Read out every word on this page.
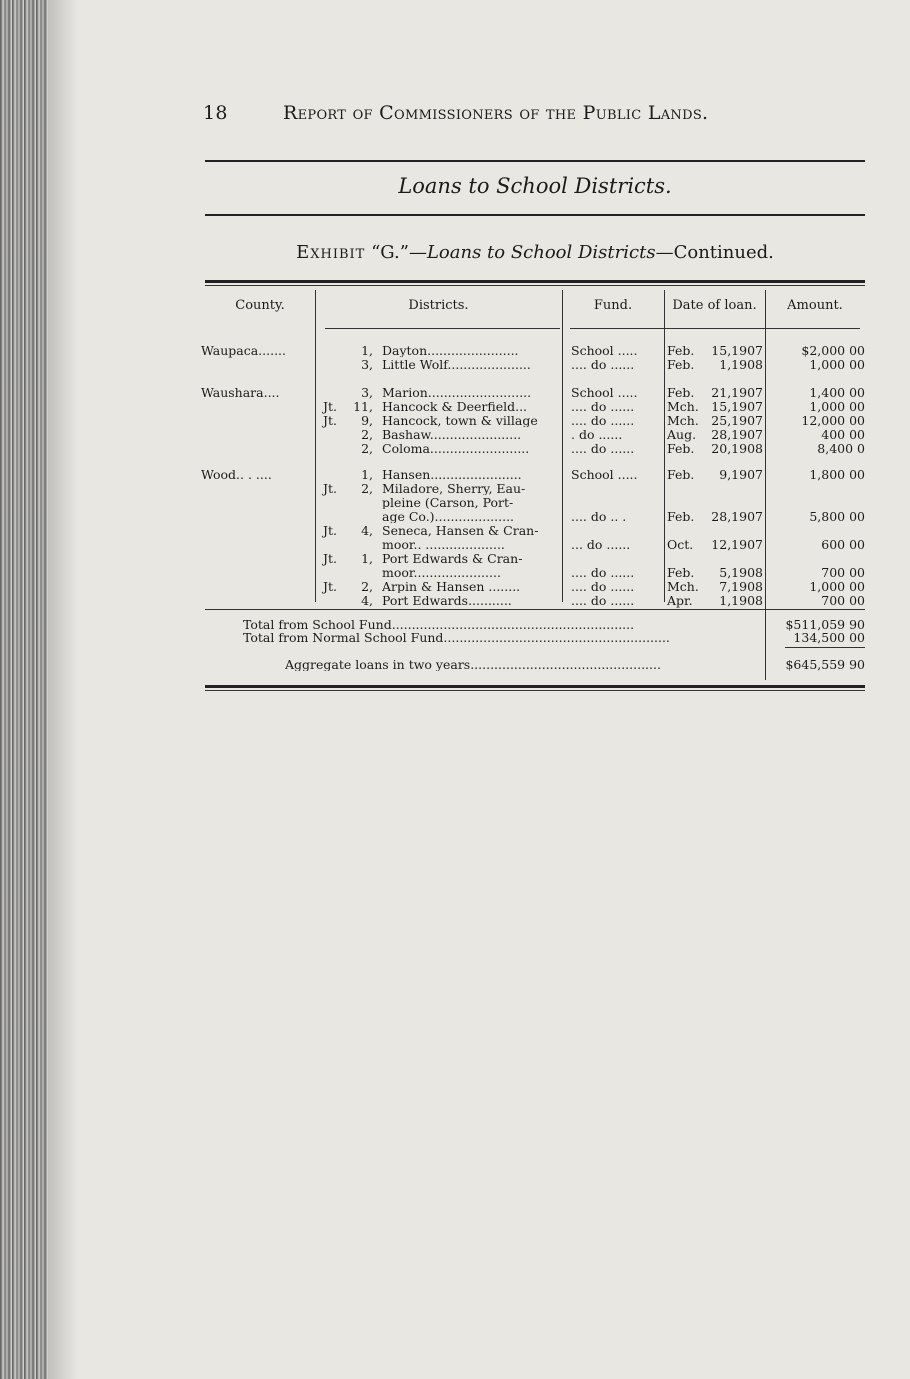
18	Report of Commissioners of the Public Lands.
Loans to School Districts.
Exhibit “G.”—Loans to School Districts—Continued.
County.	Districts.	Fund.	Date of loan.	Amount.
Waupaca.......	1, Dayton.......................	School .....	Feb.	15,1907	$2,000 00
3, Little Wolf.....................	.... do ......	Feb.	1,1908	1,000 00
Waushara....	3, Marion..........................	School .....	Feb.	21,1907	1,400 00
Jt.	11, Hancock & Deerfield...	.... do ......	Mch. 15,1907	1,000 00
Jt.	9, Hancock, town & village	.... do ......	Mch. 25,1907	12,000 00
2, Bashaw.......................	. do ......	Aug.	28,1907	400 00
2, Coloma.........................	.... do ......	Feb.	20,1908	8,400 0
Wood.. . ....	1, Hansen.......................	School .....	Feb.	9,1907	1,800 00
Jt.	2, Miladore, Sherry, Eau-
pleine (Carson, Port-
age Co.)....................	.... do .. .	Feb.	28,1907	5,800 00
Jt.	4, Seneca, Hansen & Cran-
moor.. ....................	... do ......	Oct.	12,1907	600 00
Jt.	1, Port Edwards & Cran-
moor......................	.... do ......	Feb.	5,1908	700 00
Jt.	2, Arpin & Hansen ........	.... do ......	Mch.	7,1908	1,000 00
4, Port Edwards...........	.... do ......	Apr.	1,1908	700 00
Total from School Fund.............................................................	$511,059 90
Total from Normal School Fund.........................................................	134,500 00
Aggregate loans in two years................................................	$645,559 90
